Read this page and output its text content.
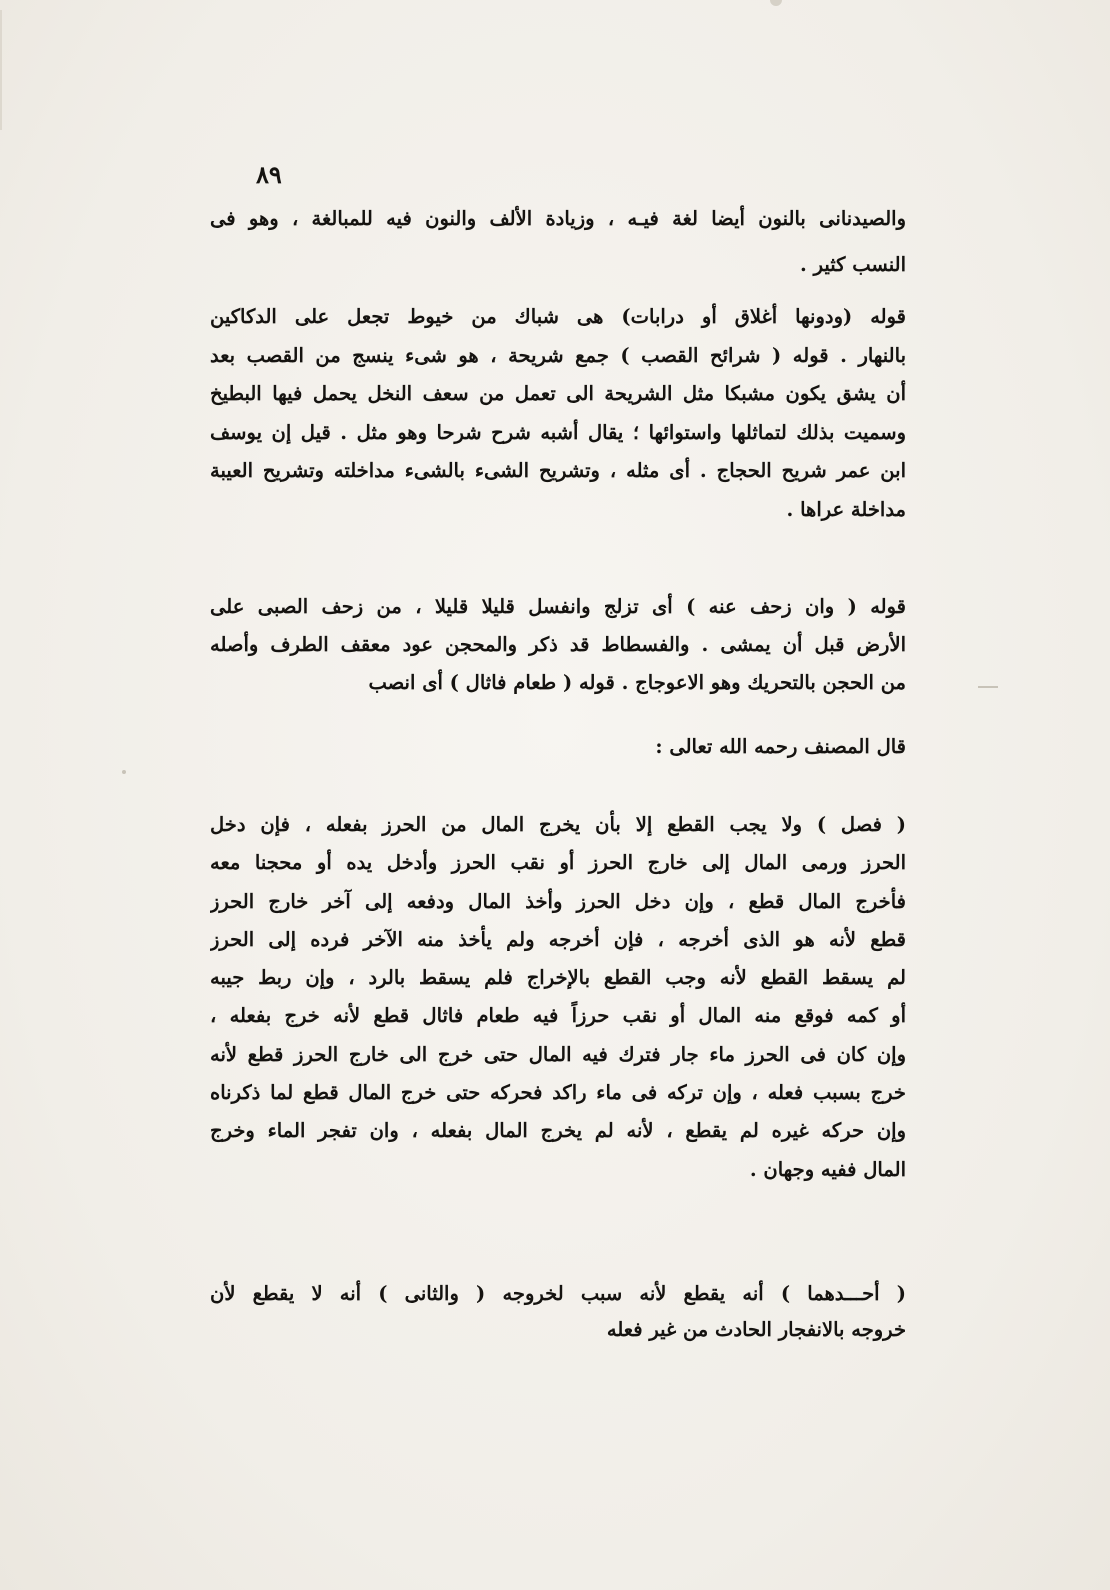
٨٩
والصيدنانى بالنون أيضا لغة فيـه ، وزيادة الألف والنون فيه للمبالغة ، وهو فى
النسب كثير .
قوله (ودونها أغلاق أو درابات) هى شباك من خيوط تجعل على الدكاكين
بالنهار . قوله ( شرائح القصب ) جمع شريحة ، هو شىء ينسج من القصب بعد
أن يشق يكون مشبكا مثل الشريحة الى تعمل من سعف النخل يحمل فيها البطيخ
وسميت بذلك لتماثلها واستوائها ؛ يقال أشبه شرح شرحا وهو مثل . قيل إن يوسف
ابن عمر شريح الحجاج . أى مثله ، وتشريح الشىء بالشىء مداخلته وتشريح العيبة
مداخلة عراها .
قوله ( وان زحف عنه ) أى تزلج وانفسل قليلا قليلا ، من زحف الصبى على
الأرض قبل أن يمشى . والفسطاط قد ذكر والمحجن عود معقف الطرف وأصله
من الحجن بالتحريك وهو الاعوجاج . قوله ( طعام فاثال ) أى انصب
قال المصنف رحمه الله تعالى :
( فصل ) ولا يجب القطع إلا بأن يخرج المال من الحرز بفعله ، فإن دخل
الحرز ورمى المال إلى خارج الحرز أو نقب الحرز وأدخل يده أو محجنا معه
فأخرج المال قطع ، وإن دخل الحرز وأخذ المال ودفعه إلى آخر خارج الحرز
قطع لأنه هو الذى أخرجه ، فإن أخرجه ولم يأخذ منه الآخر فرده إلى الحرز
لم يسقط القطع لأنه وجب القطع بالإخراج فلم يسقط بالرد ، وإن ربط جيبه
أو كمه فوقع منه المال أو نقب حرزاً فيه طعام فاثال قطع لأنه خرج بفعله ،
وإن كان فى الحرز ماء جار فترك فيه المال حتى خرج الى خارج الحرز قطع لأنه
خرج بسبب فعله ، وإن تركه فى ماء راكد فحركه حتى خرج المال قطع لما ذكرناه
وإن حركه غيره لم يقطع ، لأنه لم يخرج المال بفعله ، وان تفجر الماء وخرج
المال ففيه وجهان .
( أحـــدهما ) أنه يقطع لأنه سبب لخروجه ( والثانى ) أنه لا يقطع لأن
خروجه بالانفجار الحادث من غير فعله
